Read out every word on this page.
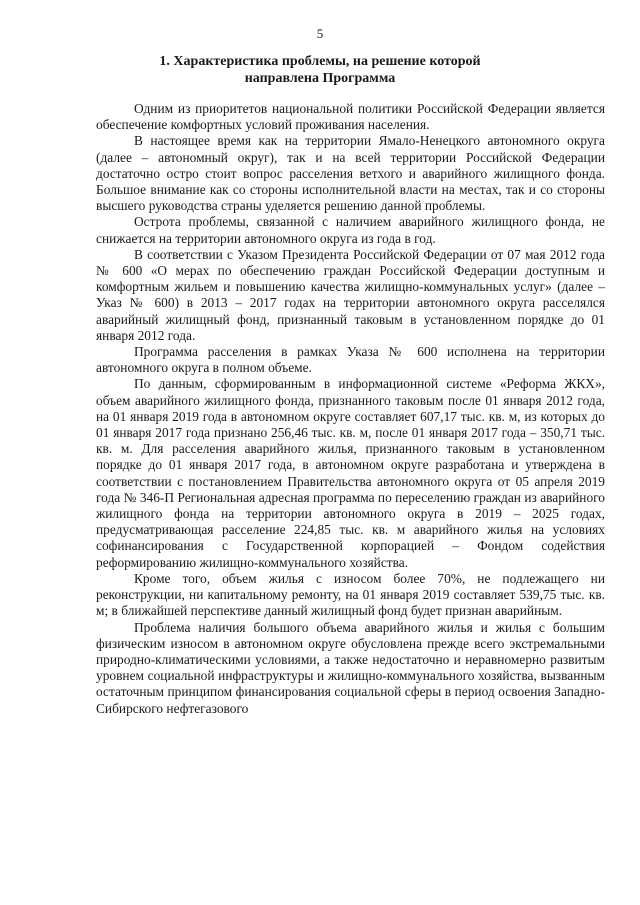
5
1. Характеристика проблемы, на решение которой
направлена Программа

Одним из приоритетов национальной политики Российской Федерации является обеспечение комфортных условий проживания населения.

В настоящее время как на территории Ямало-Ненецкого автономного округа (далее – автономный округ), так и на всей территории Российской Федерации достаточно остро стоит вопрос расселения ветхого и аварийного жилищного фонда. Большое внимание как со стороны исполнительной власти на местах, так и со стороны высшего руководства страны уделяется решению данной проблемы.

Острота проблемы, связанной с наличием аварийного жилищного фонда, не снижается на территории автономного округа из года в год.

В соответствии с Указом Президента Российской Федерации от 07 мая 2012 года № 600 «О мерах по обеспечению граждан Российской Федерации доступным и комфортным жильем и повышению качества жилищно-коммунальных услуг» (далее – Указ № 600) в 2013 – 2017 годах на территории автономного округа расселялся аварийный жилищный фонд, признанный таковым в установленном порядке до 01 января 2012 года.

Программа расселения в рамках Указа № 600 исполнена на территории автономного округа в полном объеме.

По данным, сформированным в информационной системе «Реформа ЖКХ», объем аварийного жилищного фонда, признанного таковым после 01 января 2012 года, на 01 января 2019 года в автономном округе составляет 607,17 тыс. кв. м, из которых до 01 января 2017 года признано 256,46 тыс. кв. м, после 01 января 2017 года – 350,71 тыс. кв. м. Для расселения аварийного жилья, признанного таковым в установленном порядке до 01 января 2017 года, в автономном округе разработана и утверждена в соответствии с постановлением Правительства автономного округа от 05 апреля 2019 года № 346-П Региональная адресная программа по переселению граждан из аварийного жилищного фонда на территории автономного округа в 2019 – 2025 годах, предусматривающая расселение 224,85 тыс. кв. м аварийного жилья на условиях софинансирования с Государственной корпорацией – Фондом содействия реформированию жилищно-коммунального хозяйства.

Кроме того, объем жилья с износом более 70%, не подлежащего ни реконструкции, ни капитальному ремонту, на 01 января 2019 составляет 539,75 тыс. кв. м; в ближайшей перспективе данный жилищный фонд будет признан аварийным.

Проблема наличия большого объема аварийного жилья и жилья с большим физическим износом в автономном округе обусловлена прежде всего экстремальными природно-климатическими условиями, а также недостаточно и неравномерно развитым уровнем социальной инфраструктуры и жилищно-коммунального хозяйства, вызванным остаточным принципом финансирования социальной сферы в период освоения Западно-Сибирского нефтегазового
